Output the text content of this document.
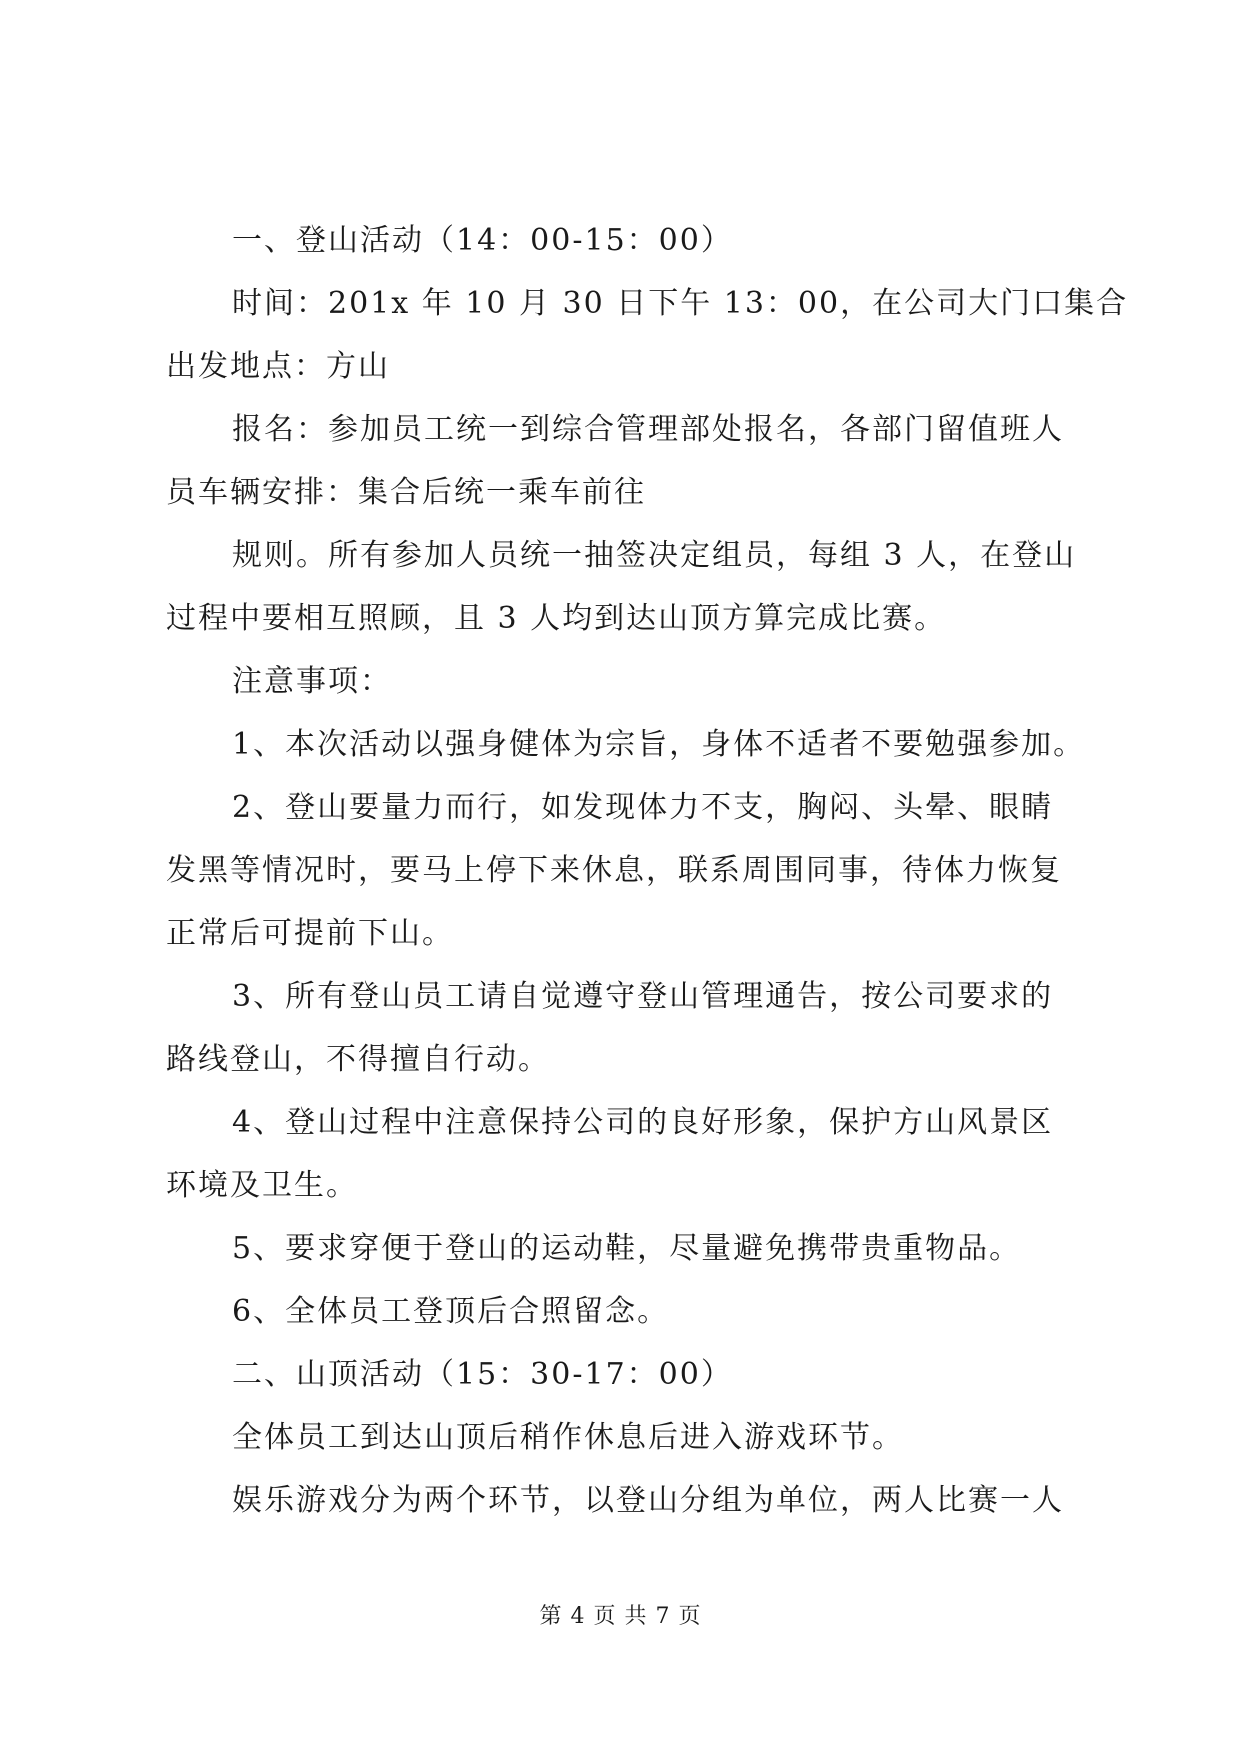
一、登山活动（14：00-15：00）
时间：201x 年 10 月 30 日下午 13：00，在公司大门口集合
出发地点：方山
报名：参加员工统一到综合管理部处报名，各部门留值班人
员车辆安排：集合后统一乘车前往
规则。所有参加人员统一抽签决定组员，每组 3 人，在登山
过程中要相互照顾，且 3 人均到达山顶方算完成比赛。
注意事项：
1、本次活动以强身健体为宗旨，身体不适者不要勉强参加。
2、登山要量力而行，如发现体力不支，胸闷、头晕、眼睛
发黑等情况时，要马上停下来休息，联系周围同事，待体力恢复
正常后可提前下山。
3、所有登山员工请自觉遵守登山管理通告，按公司要求的
路线登山，不得擅自行动。
4、登山过程中注意保持公司的良好形象，保护方山风景区
环境及卫生。
5、要求穿便于登山的运动鞋，尽量避免携带贵重物品。
6、全体员工登顶后合照留念。
二、山顶活动（15：30-17：00）
全体员工到达山顶后稍作休息后进入游戏环节。
娱乐游戏分为两个环节，以登山分组为单位，两人比赛一人
第 4 页 共 7 页
